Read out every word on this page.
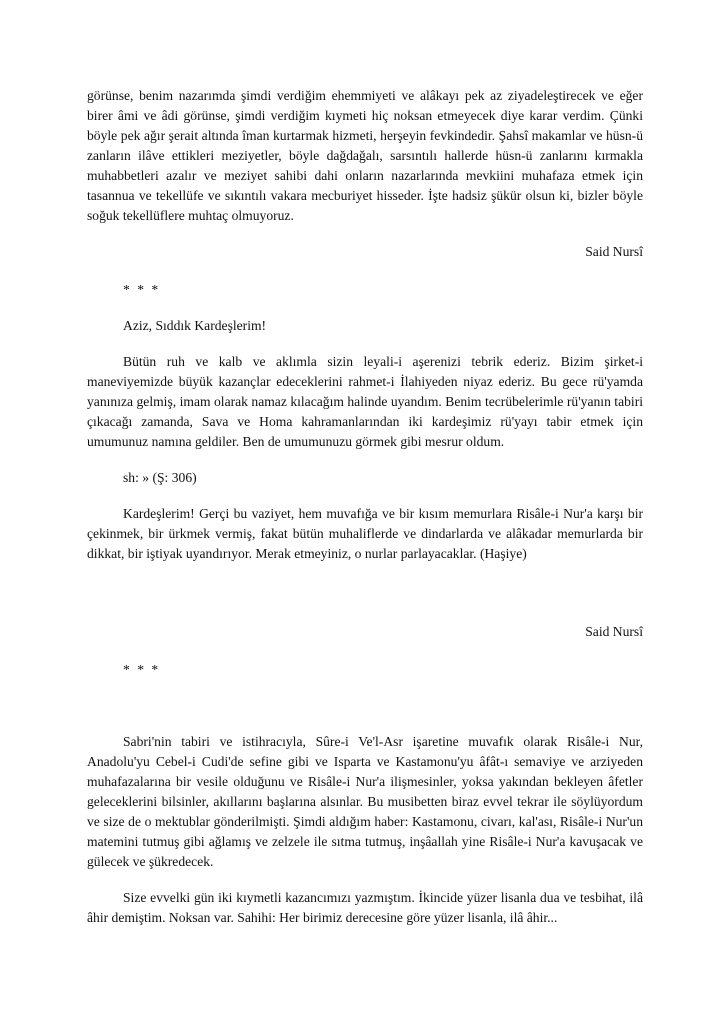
görünse, benim nazarımda şimdi verdiğim ehemmiyeti ve alâkayı pek az ziyadeleştirecek ve eğer birer âmi ve âdi görünse, şimdi verdiğim kıymeti hiç noksan etmeyecek diye karar verdim. Çünki böyle pek ağır şerait altında îman kurtarmak hizmeti, herşeyin fevkindedir. Şahsî makamlar ve hüsn-ü zanların ilâve ettikleri meziyetler, böyle dağdağalı, sarsıntılı hallerde hüsn-ü zanlarını kırmakla muhabbetleri azalır ve meziyet sahibi dahi onların nazarlarında mevkiini muhafaza etmek için tasannua ve tekellüfe ve sıkıntılı vakara mecburiyet hisseder. İşte hadsiz şükür olsun ki, bizler böyle soğuk tekellüflere muhtaç olmuyoruz.

Said Nursî

* * *

Aziz, Sıddık Kardeşlerim!

Bütün ruh ve kalb ve aklımla sizin leyali-i aşerenizi tebrik ederiz. Bizim şirket-i maneviyemizde büyük kazançlar edeceklerini rahmet-i İlahiyeden niyaz ederiz. Bu gece rü'yamda yanınıza gelmiş, imam olarak namaz kılacağım halinde uyandım. Benim tecrübelerimle rü'yanın tabiri çıkacağı zamanda, Sava ve Homa kahramanlarından iki kardeşimiz rü'yayı tabir etmek için umumunuz namına geldiler. Ben de umumunuzu görmek gibi mesrur oldum.

sh: » (Ş: 306)

Kardeşlerim! Gerçi bu vaziyet, hem muvafığa ve bir kısım memurlara Risâle-i Nur'a karşı bir çekinmek, bir ürkmek vermiş, fakat bütün muhaliflerde ve dindarlarda ve alâkadar memurlarda bir dikkat, bir iştiyak uyandırıyor. Merak etmeyiniz, o nurlar parlayacaklar. (Haşiye)

Said Nursî

* * *

Sabri'nin tabiri ve istihracıyla, Sûre-i Ve'l-Asr işaretine muvafık olarak Risâle-i Nur, Anadolu'yu Cebel-i Cudi'de sefine gibi ve Isparta ve Kastamonu'yu âfât-ı semaviye ve arziyeden muhafazalarına bir vesile olduğunu ve Risâle-i Nur'a ilişmesinler, yoksa yakından bekleyen âfetler geleceklerini bilsinler, akıllarını başlarına alsınlar. Bu musibetten biraz evvel tekrar ile söylüyordum ve size de o mektublar gönderilmişti. Şimdi aldığım haber: Kastamonu, civarı, kal'ası, Risâle-i Nur'un matemini tutmuş gibi ağlamış ve zelzele ile sıtma tutmuş, inşâallah yine Risâle-i Nur'a kavuşacak ve gülecek ve şükredecek.

Size evvelki gün iki kıymetli kazancımızı yazmıştım. İkincide yüzer lisanla dua ve tesbihat, ilâ âhir demiştim. Noksan var. Sahihi: Her birimiz derecesine göre yüzer lisanla, ilâ âhir...
